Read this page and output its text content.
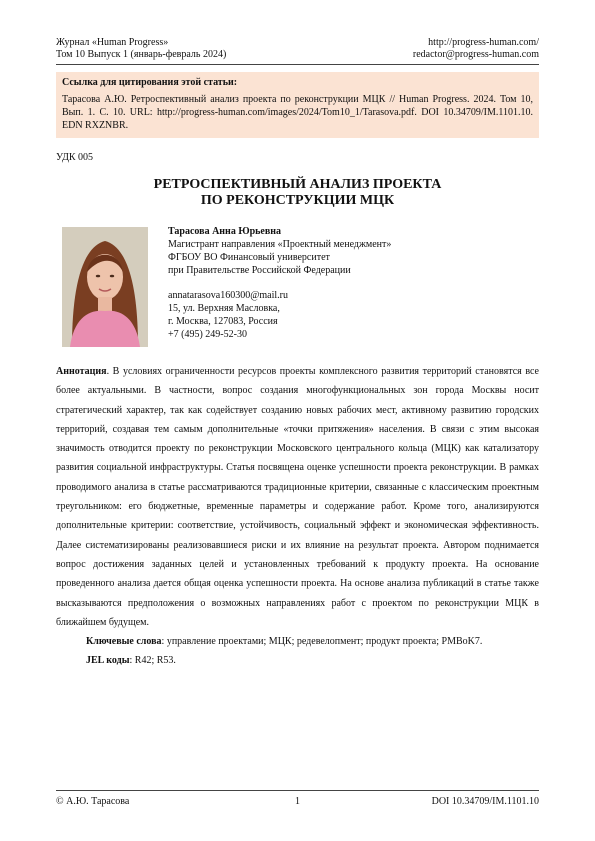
Журнал «Human Progress»
Том 10 Выпуск 1 (январь-февраль 2024)
http://progress-human.com/
redactor@progress-human.com
Ссылка для цитирования этой статьи:
Тарасова А.Ю. Ретроспективный анализ проекта по реконструкции МЦК // Human Progress. 2024. Том 10, Вып. 1. С. 10. URL: http://progress-human.com/images/2024/Tom10_1/Tarasova.pdf. DOI 10.34709/IM.1101.10. EDN RXZNBR.
УДК 005
РЕТРОСПЕКТИВНЫЙ АНАЛИЗ ПРОЕКТА
ПО РЕКОНСТРУКЦИИ МЦК
Тарасова Анна Юрьевна
Магистрант направления «Проектный менеджмент»
ФГБОУ ВО Финансовый университет
при Правительстве Российской Федерации
annatarasova160300@mail.ru
15, ул. Верхняя Масловка,
г. Москва, 127083, Россия
+7 (495) 249-52-30

Аннотация. В условиях ограниченности ресурсов проекты комплексного развития территорий становятся все более актуальными. В частности, вопрос создания многофункциональных зон города Москвы носит стратегический характер, так как содействует созданию новых рабочих мест, активному развитию городских территорий, создавая тем самым дополнительные «точки притяжения» населения. В связи с этим высокая значимость отводится проекту по реконструкции Московского центрального кольца (МЦК) как катализатору развития социальной инфраструктуры. Статья посвящена оценке успешности проекта реконструкции. В рамках проводимого анализа в статье рассматриваются традиционные критерии, связанные с классическим проектным треугольником: его бюджетные, временные параметры и содержание работ. Кроме того, анализируются дополнительные критерии: соответствие, устойчивость, социальный эффект и экономическая эффективность. Далее систематизированы реализовавшиеся риски и их влияние на результат проекта. Автором поднимается вопрос достижения заданных целей и установленных требований к продукту проекта. На основание проведенного анализа дается общая оценка успешности проекта. На основе анализа публикаций в статье также высказываются предположения о возможных направлениях работ с проектом по реконструкции МЦК в ближайшем будущем.

Ключевые слова: управление проектами; МЦК; редевелопмент; продукт проекта; PMBoK7.

JEL коды: R42; R53.

1
© А.Ю. Тарасова	DOI 10.34709/IM.1101.10
